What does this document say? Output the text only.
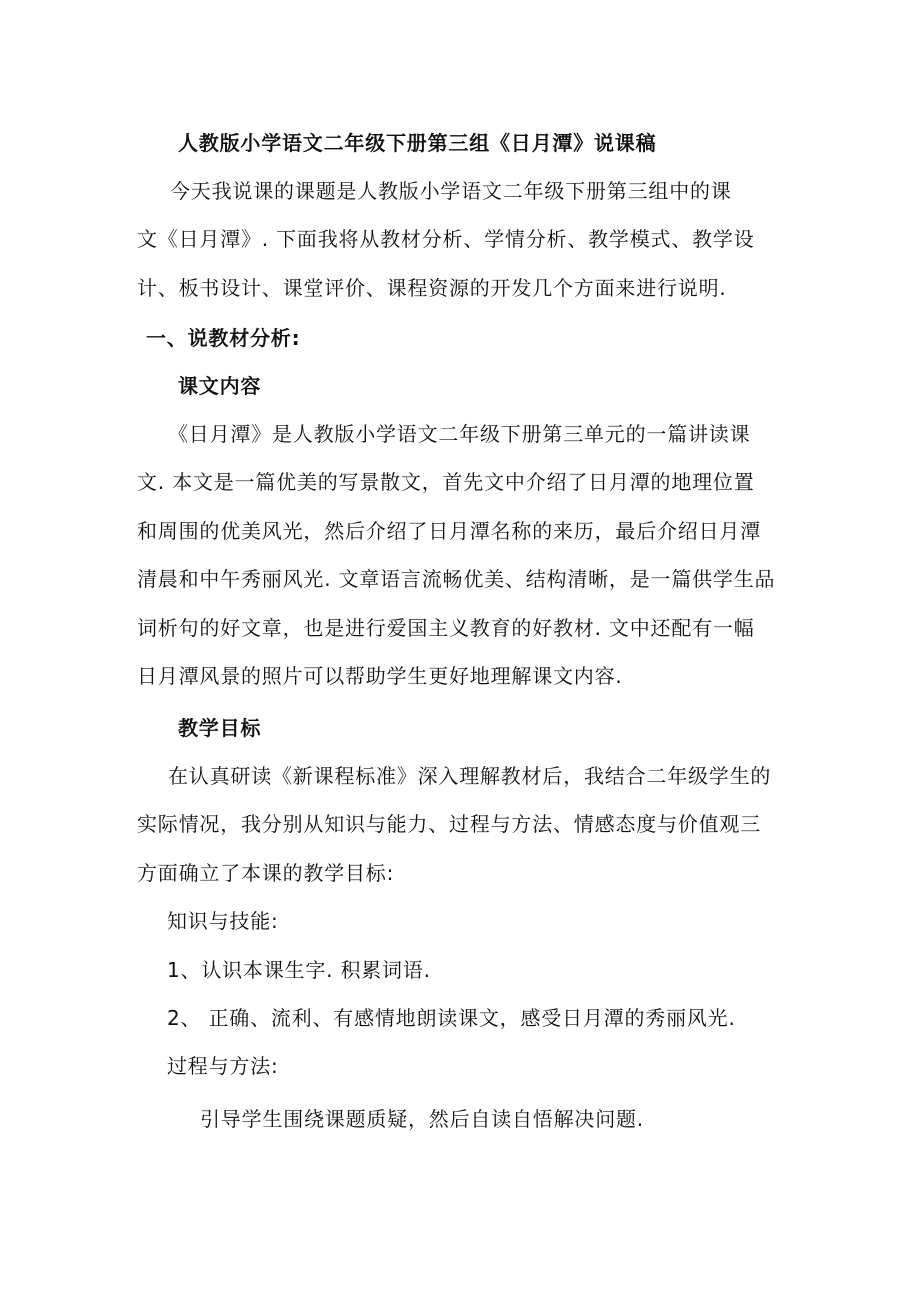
人教版小学语文二年级下册第三组《日月潭》说课稿
今天我说课的课题是人教版小学语文二年级下册第三组中的课
文《日月潭》. 下面我将从教材分析、学情分析、教学模式、教学设
计、板书设计、课堂评价、课程资源的开发几个方面来进行说明.
一、说教材分析:
课文内容
《日月潭》是人教版小学语文二年级下册第三单元的一篇讲读课
文. 本文是一篇优美的写景散文，首先文中介绍了日月潭的地理位置
和周围的优美风光，然后介绍了日月潭名称的来历，最后介绍日月潭
清晨和中午秀丽风光. 文章语言流畅优美、结构清晰，是一篇供学生品
词析句的好文章，也是进行爱国主义教育的好教材. 文中还配有一幅
日月潭风景的照片可以帮助学生更好地理解课文内容.
教学目标
在认真研读《新课程标准》深入理解教材后，我结合二年级学生的
实际情况，我分别从知识与能力、过程与方法、情感态度与价值观三
方面确立了本课的教学目标:
知识与技能:
1、认识本课生字. 积累词语.
2、 正确、流利、有感情地朗读课文，感受日月潭的秀丽风光.
过程与方法:
引导学生围绕课题质疑，然后自读自悟解决问题.
